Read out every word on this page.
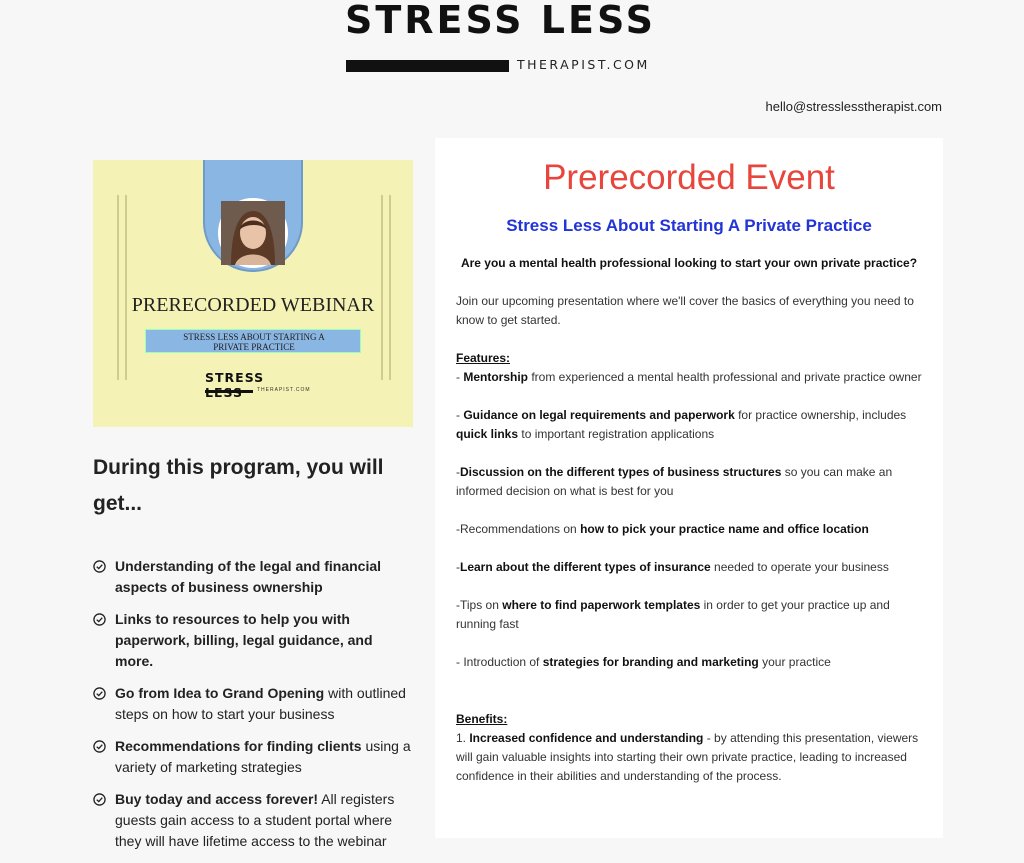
STRESS LESS
THERAPIST.COM
hello@stresslesstherapist.com
PRERECORDED WEBINAR
STRESS LESS ABOUT STARTING A
PRIVATE PRACTICE
STRESS
THERAPIST.COM
During this program, you will get...
Understanding of the legal and financial aspects of business ownership
Links to resources to help you with paperwork, billing, legal guidance, and more.
Go from Idea to Grand Opening with outlined steps on how to start your business
Recommendations for finding clients using a variety of marketing strategies
Buy today and access forever! All registers guests gain access to a student portal where they will have lifetime access to the webinar
Prerecorded Event
Stress Less About Starting A Private Practice
Are you a mental health professional looking to start your own private practice?

Join our upcoming presentation where we'll cover the basics of everything you need to know to get started.

Features:

- Mentorship from experienced a mental health professional and private practice owner

- Guidance on legal requirements and paperwork for practice ownership, includes quick links to important registration applications

-Discussion on the different types of business structures so you can make an informed decision on what is best for you

-Recommendations on how to pick your practice name and office location

-Learn about the different types of insurance needed to operate your business

-Tips on where to find paperwork templates in order to get your practice up and running fast

- Introduction of strategies for branding and marketing your practice

Benefits:

1. Increased confidence and understanding - by attending this presentation, viewers will gain valuable insights into starting their own private practice, leading to increased confidence in their abilities and understanding of the process.
